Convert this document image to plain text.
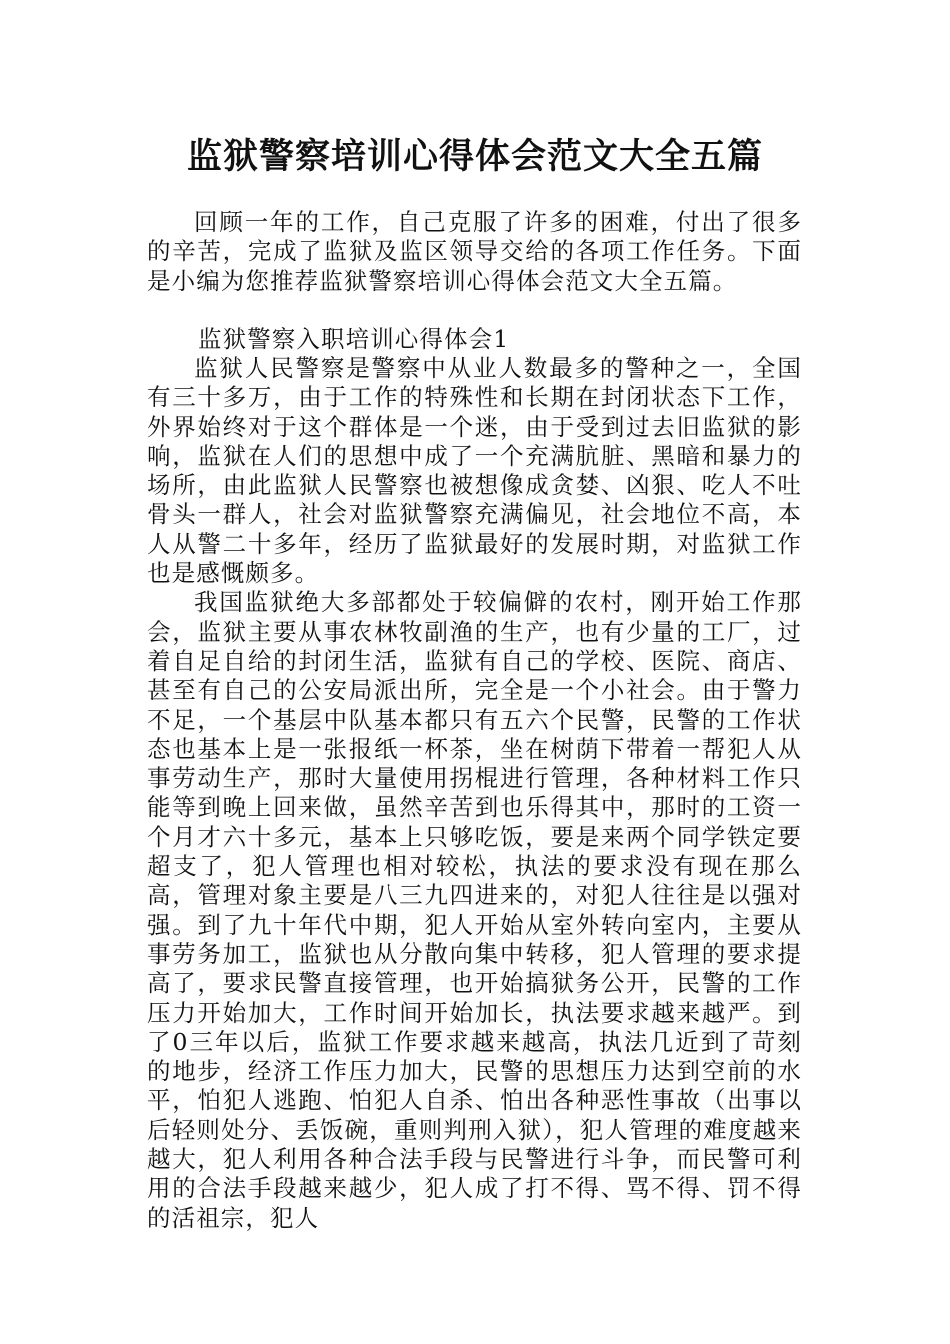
监狱警察培训心得体会范文大全五篇

回顾一年的工作，自己克服了许多的困难，付出了很多的辛苦，完成了监狱及监区领导交给的各项工作任务。下面是小编为您推荐监狱警察培训心得体会范文大全五篇。

监狱警察入职培训心得体会1

监狱人民警察是警察中从业人数最多的警种之一，全国有三十多万，由于工作的特殊性和长期在封闭状态下工作，外界始终对于这个群体是一个迷，由于受到过去旧监狱的影响，监狱在人们的思想中成了一个充满肮脏、黑暗和暴力的场所，由此监狱人民警察也被想像成贪婪、凶狠、吃人不吐骨头一群人，社会对监狱警察充满偏见，社会地位不高，本人从警二十多年，经历了监狱最好的发展时期，对监狱工作也是感慨颇多。

我国监狱绝大多部都处于较偏僻的农村，刚开始工作那会，监狱主要从事农林牧副渔的生产，也有少量的工厂，过着自足自给的封闭生活，监狱有自己的学校、医院、商店、甚至有自己的公安局派出所，完全是一个小社会。由于警力不足，一个基层中队基本都只有五六个民警，民警的工作状态也基本上是一张报纸一杯茶，坐在树荫下带着一帮犯人从事劳动生产，那时大量使用拐棍进行管理，各种材料工作只能等到晚上回来做，虽然辛苦到也乐得其中，那时的工资一个月才六十多元，基本上只够吃饭，要是来两个同学铁定要超支了，犯人管理也相对较松，执法的要求没有现在那么高，管理对象主要是八三九四进来的，对犯人往往是以强对强。到了九十年代中期，犯人开始从室外转向室内，主要从事劳务加工，监狱也从分散向集中转移，犯人管理的要求提高了，要求民警直接管理，也开始搞狱务公开，民警的工作压力开始加大，工作时间开始加长，执法要求越来越严。到了0三年以后，监狱工作要求越来越高，执法几近到了苛刻的地步，经济工作压力加大，民警的思想压力达到空前的水平，怕犯人逃跑、怕犯人自杀、怕出各种恶性事故（出事以后轻则处分、丢饭碗，重则判刑入狱），犯人管理的难度越来越大，犯人利用各种合法手段与民警进行斗争，而民警可利用的合法手段越来越少，犯人成了打不得、骂不得、罚不得的活祖宗，犯人
